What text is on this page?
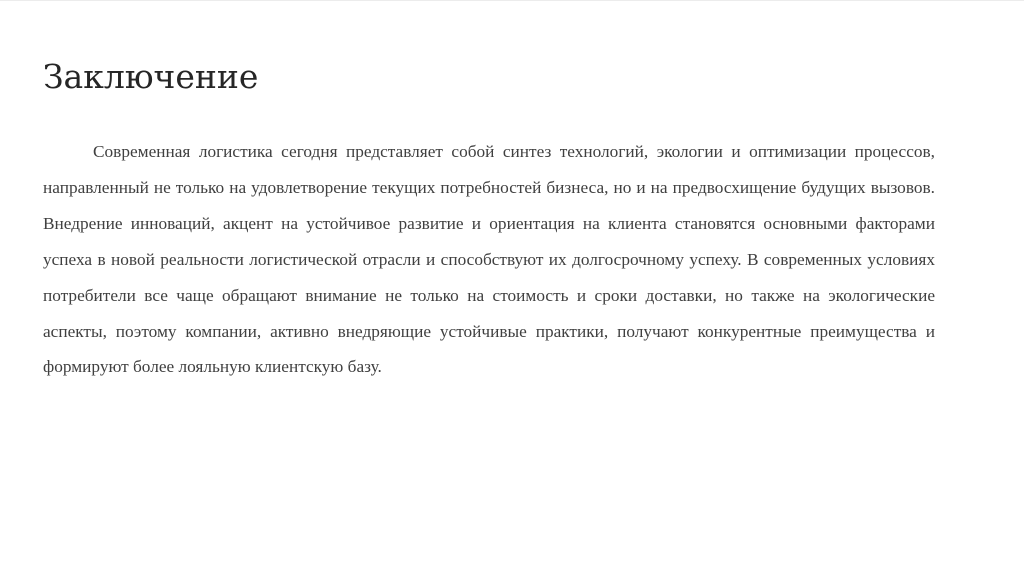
Заключение

Современная логистика сегодня представляет собой синтез технологий, экологии и оптимизации процессов, направленный не только на удовлетворение текущих потребностей бизнеса, но и на предвосхищение будущих вызовов. Внедрение инноваций, акцент на устойчивое развитие и ориентация на клиента становятся основными факторами успеха в новой реальности логистической отрасли и способствуют их долгосрочному успеху. В современных условиях потребители все чаще обращают внимание не только на стоимость и сроки доставки, но также на экологические аспекты, поэтому компании, активно внедряющие устойчивые практики, получают конкурентные преимущества и формируют более лояльную клиентскую базу.
